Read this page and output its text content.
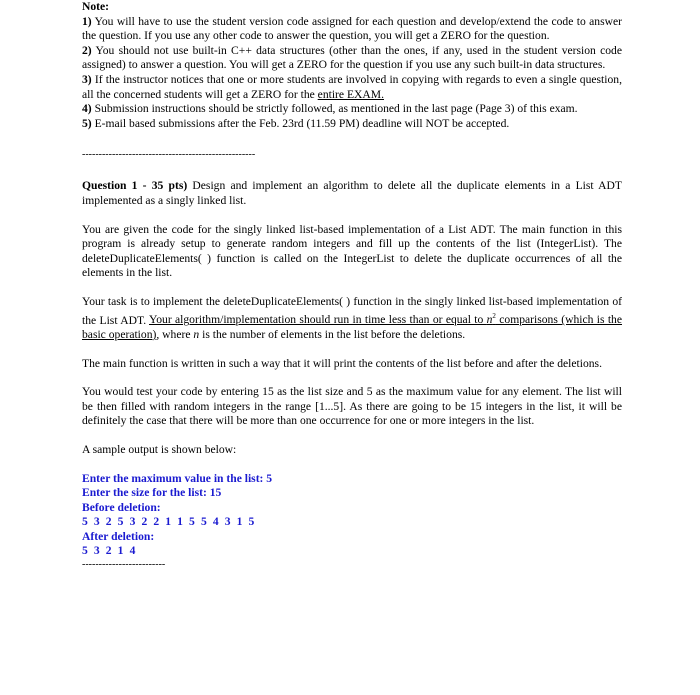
Note:

1) You will have to use the student version code assigned for each question and develop/extend the code to answer the question. If you use any other code to answer the question, you will get a ZERO for the question.

2) You should not use built-in C++ data structures (other than the ones, if any, used in the student version code assigned) to answer a question. You will get a ZERO for the question if you use any such built-in data structures.

3) If the instructor notices that one or more students are involved in copying with regards to even a single question, all the concerned students will get a ZERO for the entire EXAM.

4) Submission instructions should be strictly followed, as mentioned in the last page (Page 3) of this exam.

5) E-mail based submissions after the Feb. 23rd (11.59 PM) deadline will NOT be accepted.

----------------------------------------------------

Question 1 - 35 pts) Design and implement an algorithm to delete all the duplicate elements in a List ADT implemented as a singly linked list.

You are given the code for the singly linked list-based implementation of a List ADT. The main function in this program is already setup to generate random integers and fill up the contents of the list (IntegerList). The deleteDuplicateElements( ) function is called on the IntegerList to delete the duplicate occurrences of all the elements in the list.

Your task is to implement the deleteDuplicateElements( ) function in the singly linked list-based implementation of the List ADT. Your algorithm/implementation should run in time less than or equal to $n^2$ comparisons (which is the basic operation), where n is the number of elements in the list before the deletions.

The main function is written in such a way that it will print the contents of the list before and after the deletions.

You would test your code by entering 15 as the list size and 5 as the maximum value for any element. The list will be then filled with random integers in the range [1...5]. As there are going to be 15 integers in the list, it will be definitely the case that there will be more than one occurrence for one or more integers in the list.

A sample output is shown below:

Enter the maximum value in the list: 5

Enter the size for the list: 15

Before deletion:

5 3 2 5 3 2 2 1 1 5 5 4 3 1 5

After deletion:

5 3 2 1 4

-------------------------
